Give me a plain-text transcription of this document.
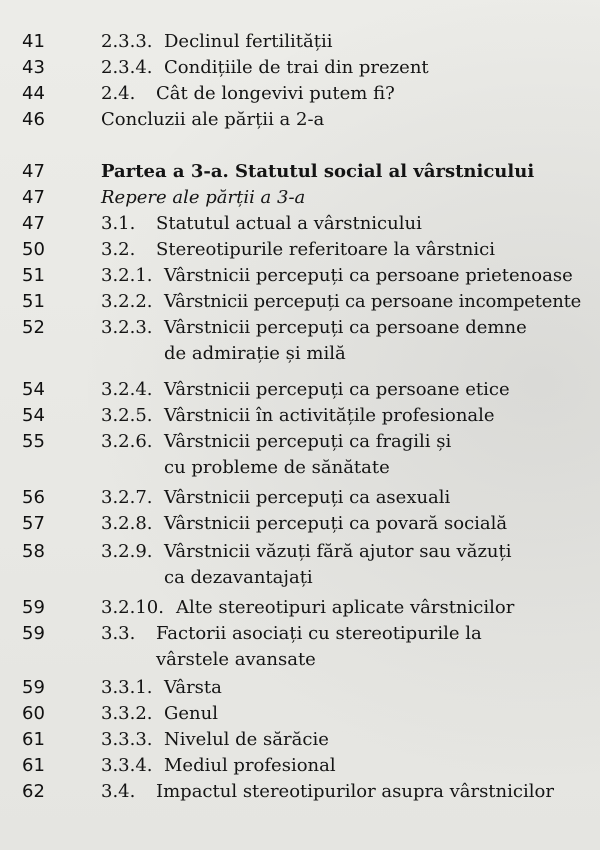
41	2.3.3. Declinul fertilității
43	2.3.4. Condițiile de trai din prezent
44	2.4. Cât de longevivi putem fi?
46	Concluzii ale părții a 2-a
47	Partea a 3-a. Statutul social al vârstnicului
47	Repere ale părții a 3-a
47	3.1. Statutul actual a vârstnicului
50	3.2. Stereotipurile referitoare la vârstnici
51	3.2.1. Vârstnicii percepuți ca persoane prietenoase
51	3.2.2. Vârstnicii percepuți ca persoane incompetente
52	3.2.3. Vârstnicii percepuți ca persoane demne
de admirație și milă
54	3.2.4. Vârstnicii percepuți ca persoane etice
54	3.2.5. Vârstnicii în activitățile profesionale
55	3.2.6. Vârstnicii percepuți ca fragili și
cu probleme de sănătate
56	3.2.7. Vârstnicii percepuți ca asexuali
57	3.2.8. Vârstnicii percepuți ca povară socială
58	3.2.9. Vârstnicii văzuți fără ajutor sau văzuți
ca dezavantajați
59	3.2.10. Alte stereotipuri aplicate vârstnicilor
59	3.3. Factorii asociați cu stereotipurile la
vârstele avansate
59	3.3.1. Vârsta
60	3.3.2. Genul
61	3.3.3. Nivelul de sărăcie
61	3.3.4. Mediul profesional
62	3.4. Impactul stereotipurilor asupra vârstnicilor
